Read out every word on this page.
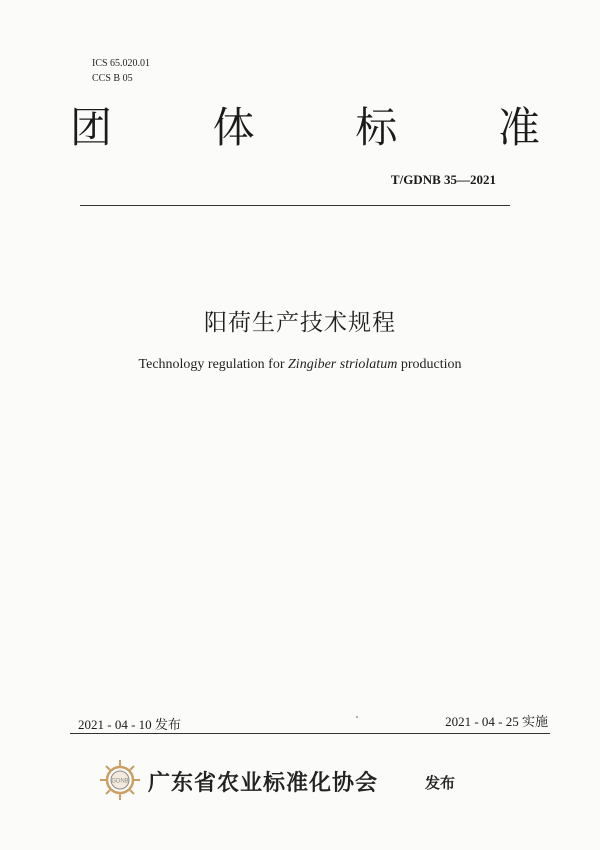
ICS 65.020.01
CCS B 05
团 体 标 准
T/GDNB 35—2021
阳荷生产技术规程
Technology regulation for Zingiber striolatum production
2021 - 04 - 10 发布	2021 - 04 - 25 实施
GDNB 广东省农业标准化协会	发布
